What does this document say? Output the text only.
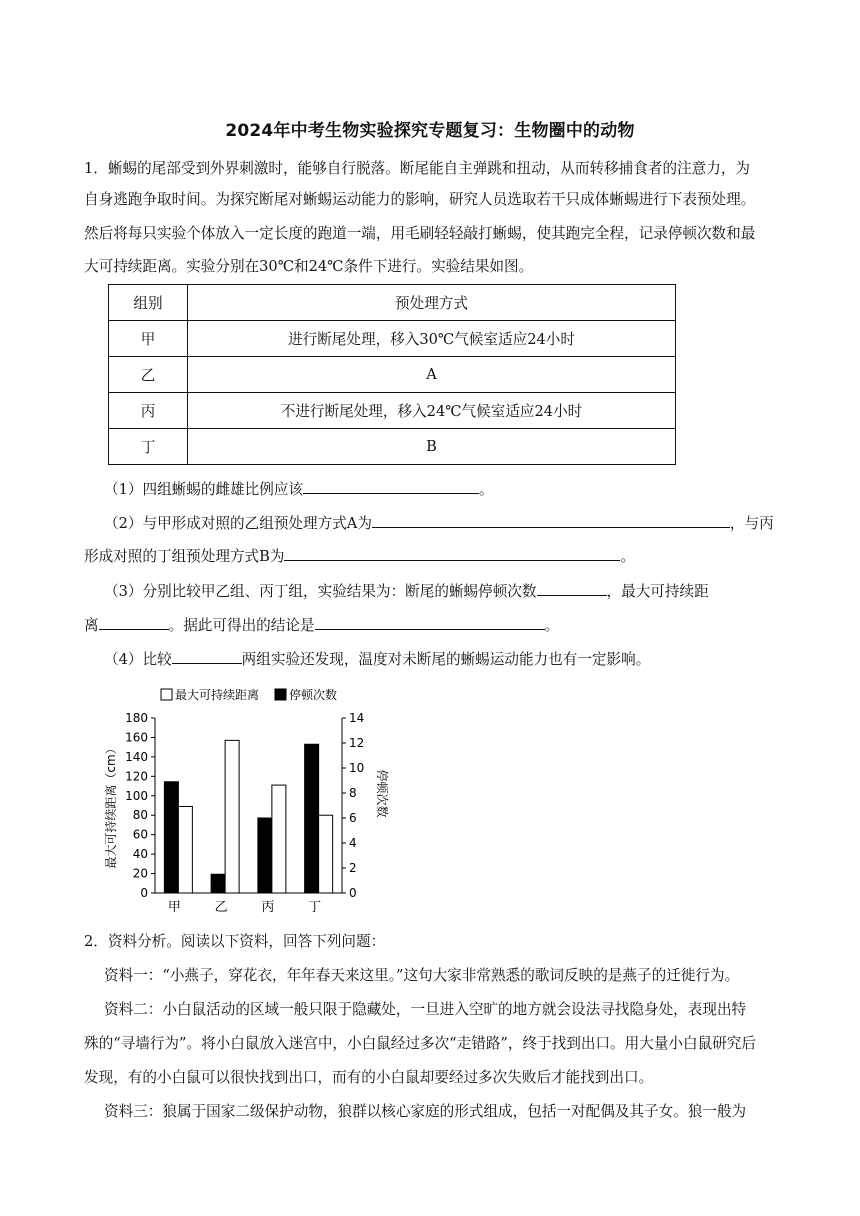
2024年中考生物实验探究专题复习：生物圈中的动物

1．蜥蜴的尾部受到外界刺激时，能够自行脱落。断尾能自主弹跳和扭动，从而转移捕食者的注意力，为

自身逃跑争取时间。为探究断尾对蜥蜴运动能力的影响，研究人员选取若干只成体蜥蜴进行下表预处理。

然后将每只实验个体放入一定长度的跑道一端，用毛刷轻轻敲打蜥蜴，使其跑完全程，记录停顿次数和最

大可持续距离。实验分别在30℃和24℃条件下进行。实验结果如图。

组别	预处理方式
甲	进行断尾处理，移入30℃气候室适应24小时
乙	A
丙	不进行断尾处理，移入24℃气候室适应24小时
丁	B

（1）四组蜥蜴的雌雄比例应该	。

（2）与甲形成对照的乙组预处理方式A为	，与丙

形成对照的丁组预处理方式B为	。

（3）分别比较甲乙组、丙丁组，实验结果为：断尾的蜥蜴停顿次数	，最大可持续距

离	。据此可得出的结论是	。

（4）比较	两组实验还发现，温度对未断尾的蜥蜴运动能力也有一定影响。

0
20
40
60
80
100
120
140
160
180
0
2
4
6
8
10
12
14
甲	乙	丙	丁
最大可持续距离（cm）	停顿次数
最大可持续距离 停顿次数

2．资料分析。阅读以下资料，回答下列问题：

资料一：“小燕子，穿花衣，年年春天来这里。”这句大家非常熟悉的歌词反映的是燕子的迁徙行为。

资料二：小白鼠活动的区域一般只限于隐藏处，一旦进入空旷的地方就会设法寻找隐身处，表现出特

殊的“寻墙行为”。将小白鼠放入迷宫中，小白鼠经过多次“走错路”，终于找到出口。用大量小白鼠研究后

发现，有的小白鼠可以很快找到出口，而有的小白鼠却要经过多次失败后才能找到出口。

资料三：狼属于国家二级保护动物，狼群以核心家庭的形式组成，包括一对配偶及其子女。狼一般为
